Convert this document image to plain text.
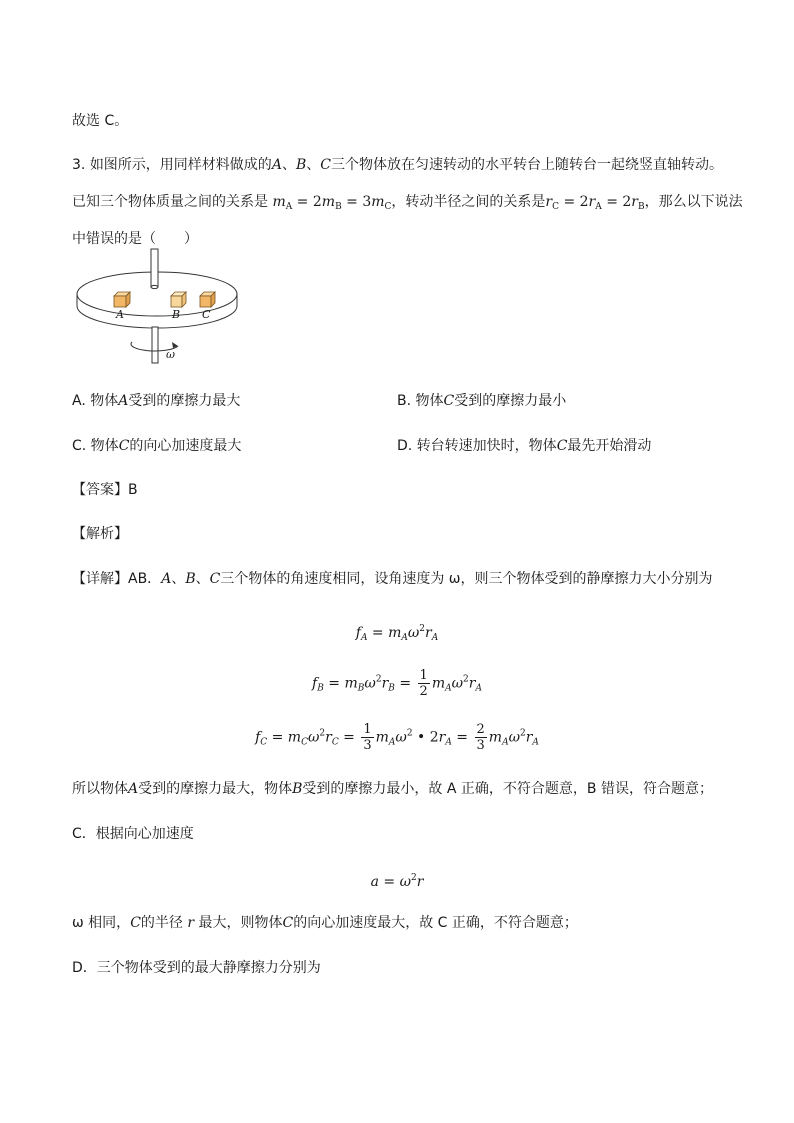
故选 C。
3. 如图所示，用同样材料做成的A、B、C三个物体放在匀速转动的水平转台上随转台一起绕竖直轴转动。
已知三个物体质量之间的关系是 $m_A = 2m_B = 3m_C$，转动半径之间的关系是$r_C = 2r_A = 2r_B$，那么以下说法
中错误的是（　　）
A	B C
ω
A. 物体A受到的摩擦力最大	B. 物体C受到的摩擦力最小
C. 物体C的向心加速度最大	D. 转台转速加快时，物体C最先开始滑动
【答案】B
【解析】
【详解】AB．A、B、C三个物体的角速度相同，设角速度为 ω，则三个物体受到的静摩擦力大小分别为
$f_A = m_A\omega^2r_A$
$f_B = m_B\omega^2r_B = \frac{1}{2} m_A\omega^2r_A$
$f_C = m_C\omega^2r_C = \frac{1}{3} m_A\omega^2$ • $2r_A = \frac{2}{3} m_A\omega^2r_A$
所以物体A受到的摩擦力最大，物体B受到的摩擦力最小，故 A 正确，不符合题意，B 错误，符合题意；
C．根据向心加速度
$a = \omega^2r$
ω 相同，C的半径 r 最大，则物体C的向心加速度最大，故 C 正确，不符合题意；
D．三个物体受到的最大静摩擦力分别为
